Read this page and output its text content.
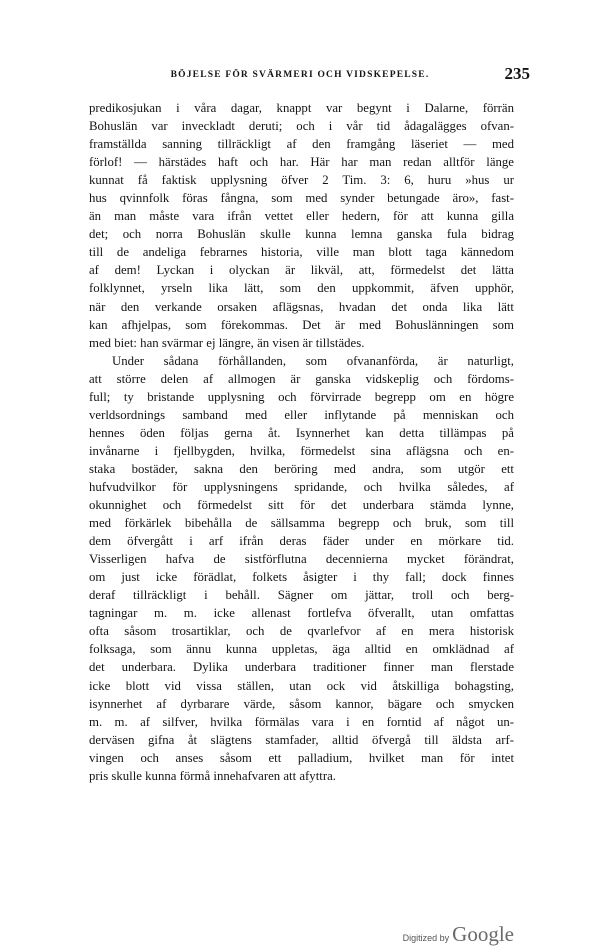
BÖJELSE FÖR SVÄRMERI OCH VIDSKEPELSE.	235
predikosjukan i våra dagar, knappt var begynt i Dalarne, förrän
Bohuslän var inveckladt deruti; och i vår tid ådagalägges ofvan-
framställda sanning tillräckligt af den framgång läseriet — med
förlof! — härstädes haft och har. Här har man redan alltför länge
kunnat få faktisk upplysning öfver 2 Tim. 3: 6, huru »hus ur
hus qvinnfolk föras fångna, som med synder betungade äro», fast-
än man måste vara ifrån vettet eller hedern, för att kunna gilla
det; och norra Bohuslän skulle kunna lemna ganska fula bidrag
till de andeliga febrarnes historia, ville man blott taga kännedom
af dem! Lyckan i olyckan är likväl, att, förmedelst det lätta
folklynnet, yrseln lika lätt, som den uppkommit, äfven upphör,
när den verkande orsaken aflägsnas, hvadan det onda lika lätt
kan afhjelpas, som förekommas. Det är med Bohuslänningen som
med biet: han svärmar ej längre, än visen är tillstädes.
Under sådana förhållanden, som ofvananförda, är naturligt,
att större delen af allmogen är ganska vidskeplig och fördoms-
full; ty bristande upplysning och förvirrade begrepp om en högre
verldsordnings samband med eller inflytande på menniskan och
hennes öden följas gerna åt. Isynnerhet kan detta tillämpas på
invånarne i fjellbygden, hvilka, förmedelst sina aflägsna och en-
staka bostäder, sakna den beröring med andra, som utgör ett
hufvudvilkor för upplysningens spridande, och hvilka således, af
okunnighet och förmedelst sitt för det underbara stämda lynne,
med förkärlek bibehålla de sällsamma begrepp och bruk, som till
dem öfvergått i arf ifrån deras fäder under en mörkare tid.
Visserligen hafva de sistförflutna decennierna mycket förändrat,
om just icke förädlat, folkets åsigter i thy fall; dock finnes
deraf tillräckligt i behåll. Sägner om jättar, troll och berg-
tagningar m. m. icke allenast fortlefva öfverallt, utan omfattas
ofta såsom trosartiklar, och de qvarlefvor af en mera historisk
folksaga, som ännu kunna uppletas, äga alltid en omklädnad af
det underbara. Dylika underbara traditioner finner man flerstade
icke blott vid vissa ställen, utan ock vid åtskilliga bohagsting,
isynnerhet af dyrbarare värde, såsom kannor, bägare och smycken
m. m. af silfver, hvilka förmälas vara i en forntid af något un-
derväsen gifna åt slägtens stamfader, alltid öfvergå till äldsta arf-
vingen och anses såsom ett palladium, hvilket man för intet
pris skulle kunna förmå innehafvaren att afyttra.
Digitized by Google
